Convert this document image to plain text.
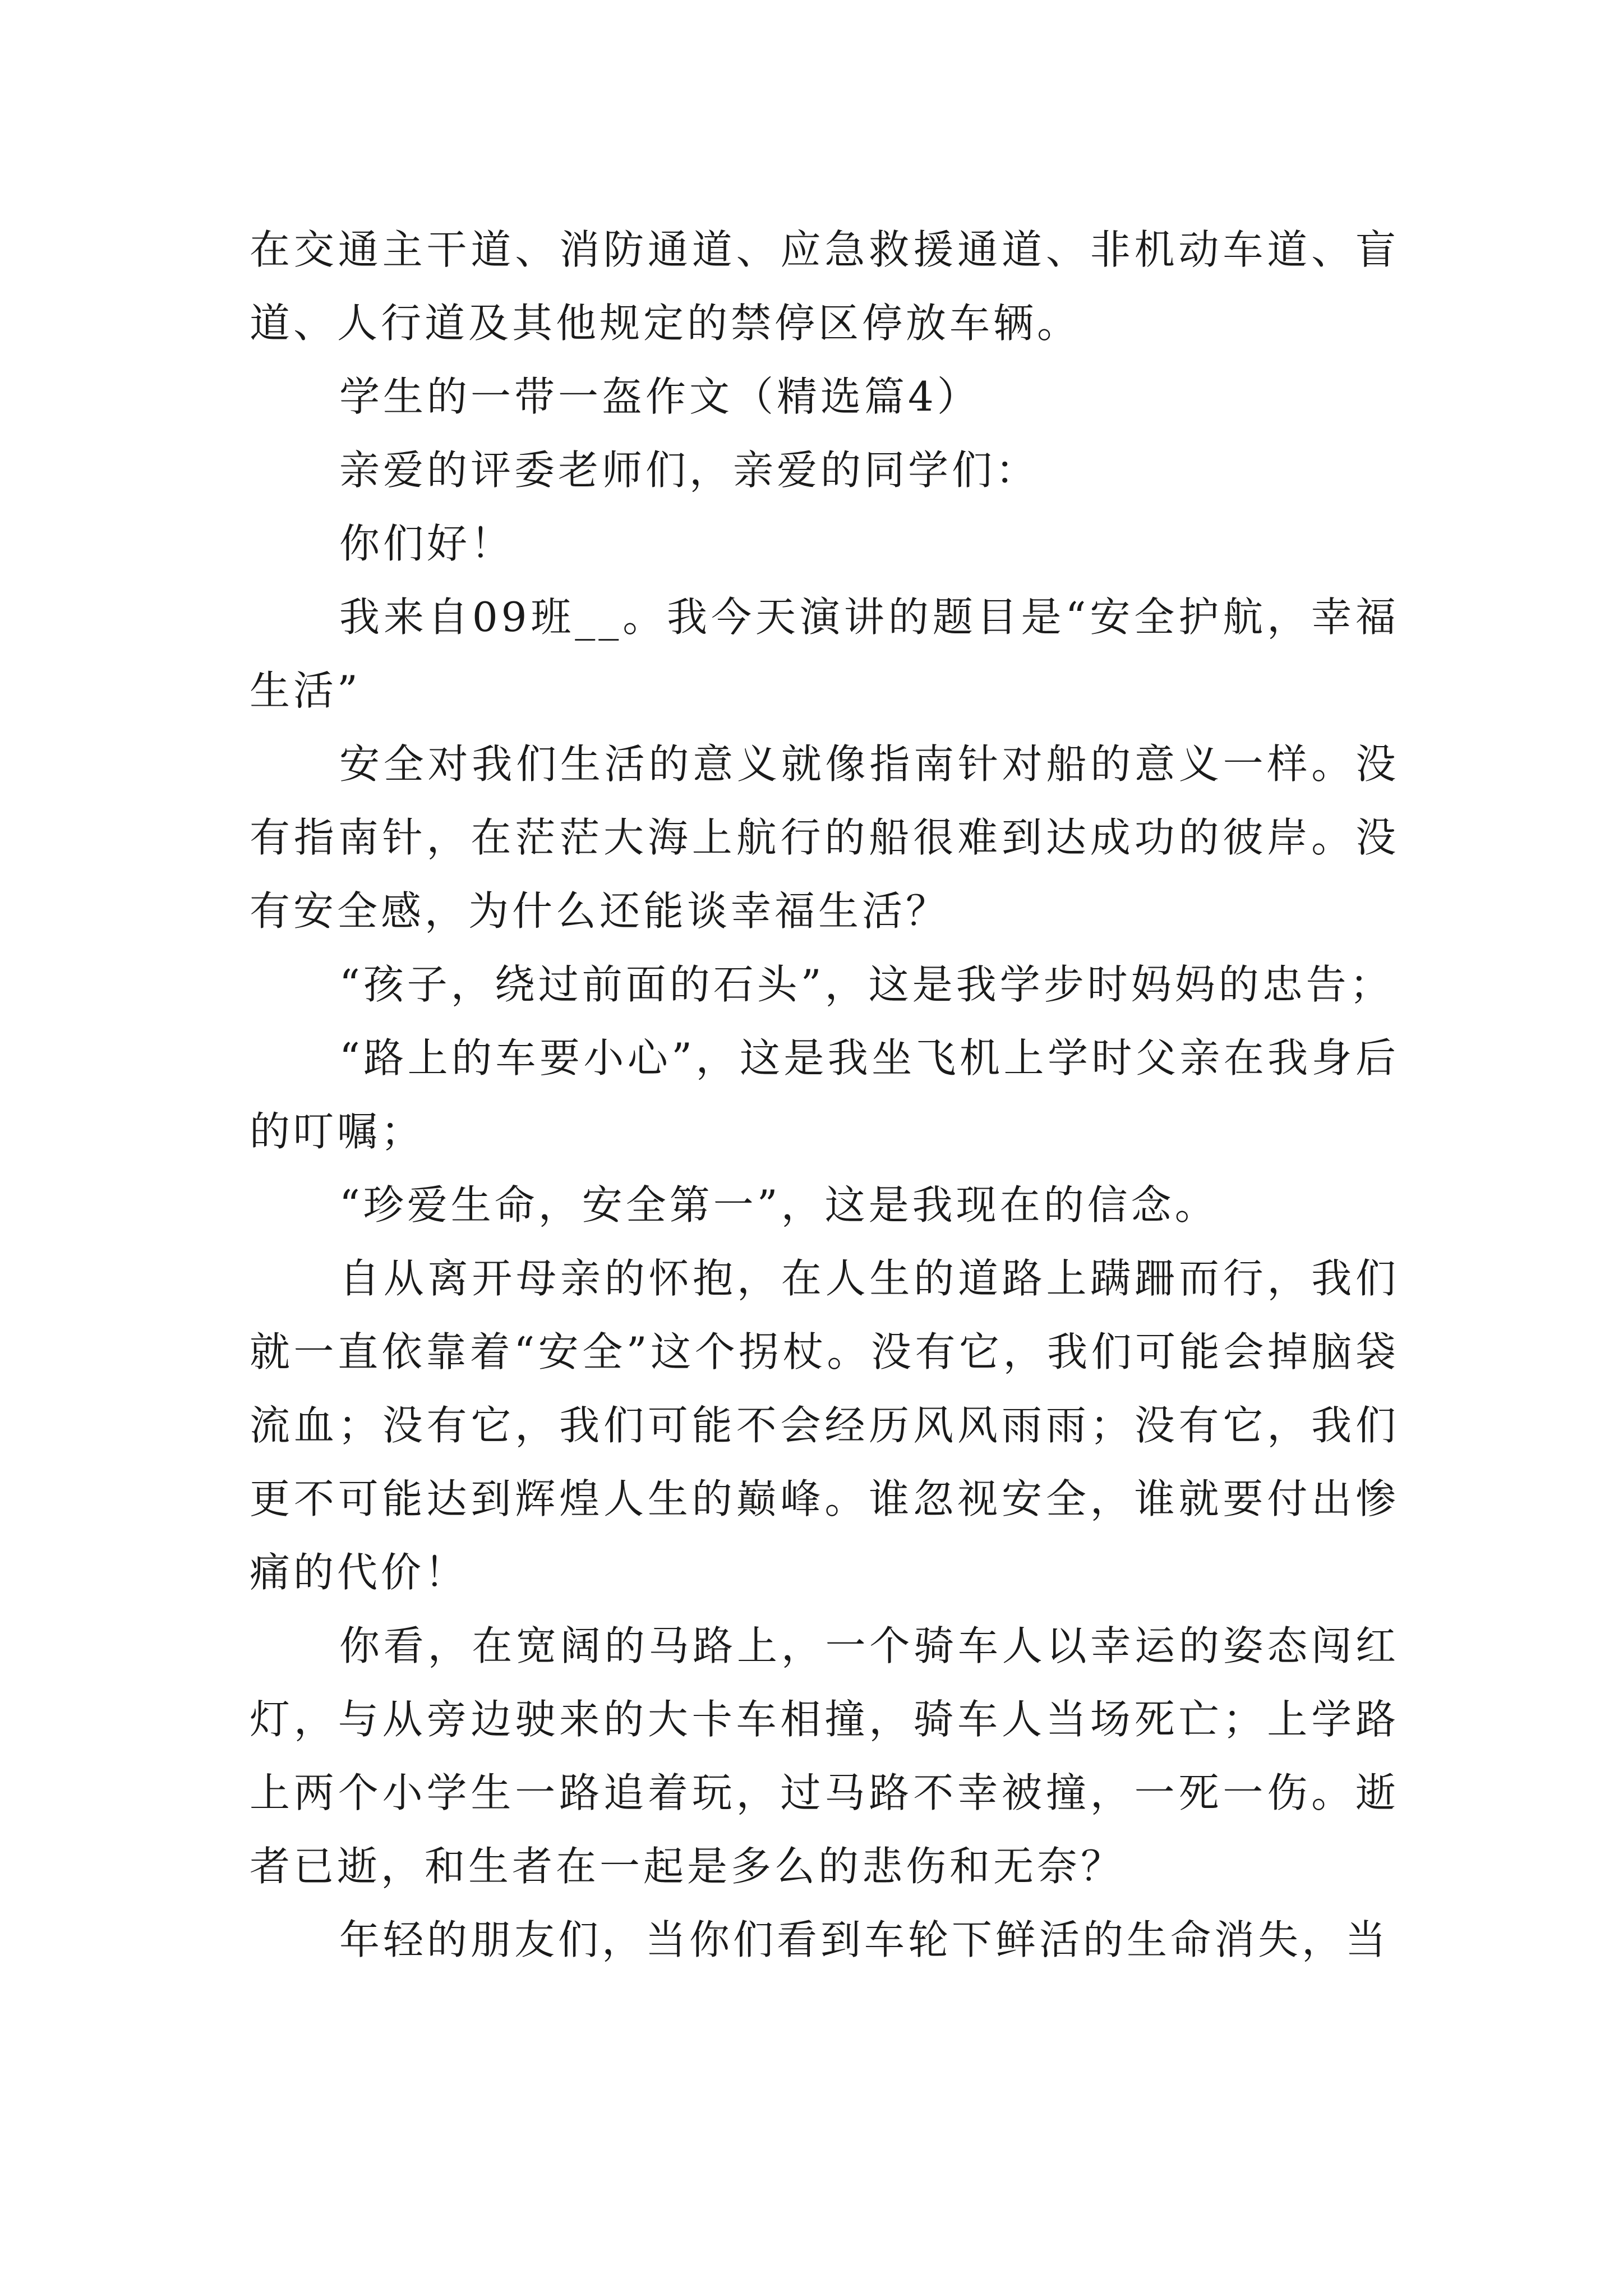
在交通主干道、消防通道、应急救援通道、非机动车道、盲道、人行道及其他规定的禁停区停放车辆。

学生的一带一盔作文（精选篇4）

亲爱的评委老师们，亲爱的同学们：

你们好！

我来自09班__。我今天演讲的题目是“安全护航，幸福生活”

安全对我们生活的意义就像指南针对船的意义一样。没有指南针，在茫茫大海上航行的船很难到达成功的彼岸。没有安全感，为什么还能谈幸福生活？

“孩子，绕过前面的石头”，这是我学步时妈妈的忠告；

“路上的车要小心”，这是我坐飞机上学时父亲在我身后的叮嘱；

“珍爱生命，安全第一”，这是我现在的信念。

自从离开母亲的怀抱，在人生的道路上蹒跚而行，我们就一直依靠着“安全”这个拐杖。没有它，我们可能会掉脑袋流血；没有它，我们可能不会经历风风雨雨；没有它，我们更不可能达到辉煌人生的巅峰。谁忽视安全，谁就要付出惨痛的代价！

你看，在宽阔的马路上，一个骑车人以幸运的姿态闯红灯，与从旁边驶来的大卡车相撞，骑车人当场死亡；上学路上两个小学生一路追着玩，过马路不幸被撞，一死一伤。逝者已逝，和生者在一起是多么的悲伤和无奈？

年轻的朋友们，当你们看到车轮下鲜活的生命消失，当
